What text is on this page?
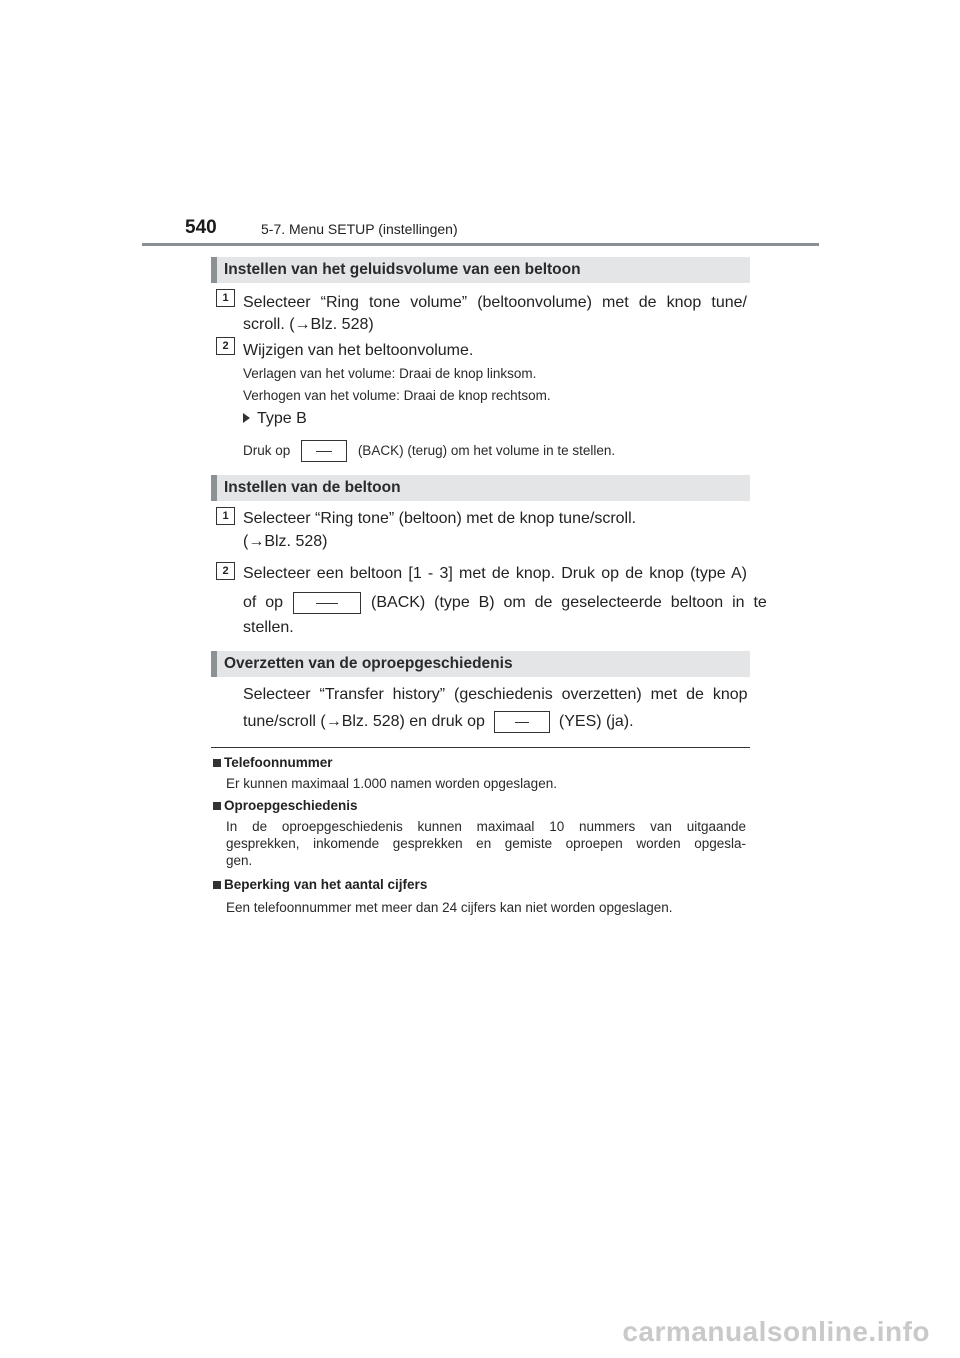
540	5-7. Menu SETUP (instellingen)
Instellen van het geluidsvolume van een beltoon
1 Selecteer “Ring tone volume” (beltoonvolume) met de knop tune/
scroll. (→Blz. 528)
2 Wijzigen van het beltoonvolume.
Verlagen van het volume: Draai de knop linksom.
Verhogen van het volume: Draai de knop rechtsom.
Type B
Druk op	(BACK) (terug) om het volume in te stellen.
Instellen van de beltoon
1 Selecteer “Ring tone” (beltoon) met de knop tune/scroll.
(→Blz. 528)
2 Selecteer een beltoon [1 - 3] met de knop. Druk op de knop (type A)
of  op	(BACK)  (type  B)  om  de  geselecteerde  beltoon  in  te
stellen.
Overzetten van de oproepgeschiedenis
Selecteer  “Transfer  history”  (geschiedenis  overzetten)  met  de  knop
tune/scroll (→Blz. 528) en druk op	(YES) (ja).
Telefoonnummer
Er kunnen maximaal 1.000 namen worden opgeslagen.
Oproepgeschiedenis
In de oproepgeschiedenis kunnen maximaal 10 nummers van uitgaande
gesprekken, inkomende gesprekken en gemiste oproepen worden opgesla-
gen.
Beperking van het aantal cijfers
Een telefoonnummer met meer dan 24 cijfers kan niet worden opgeslagen.
carmanualsonline.info
